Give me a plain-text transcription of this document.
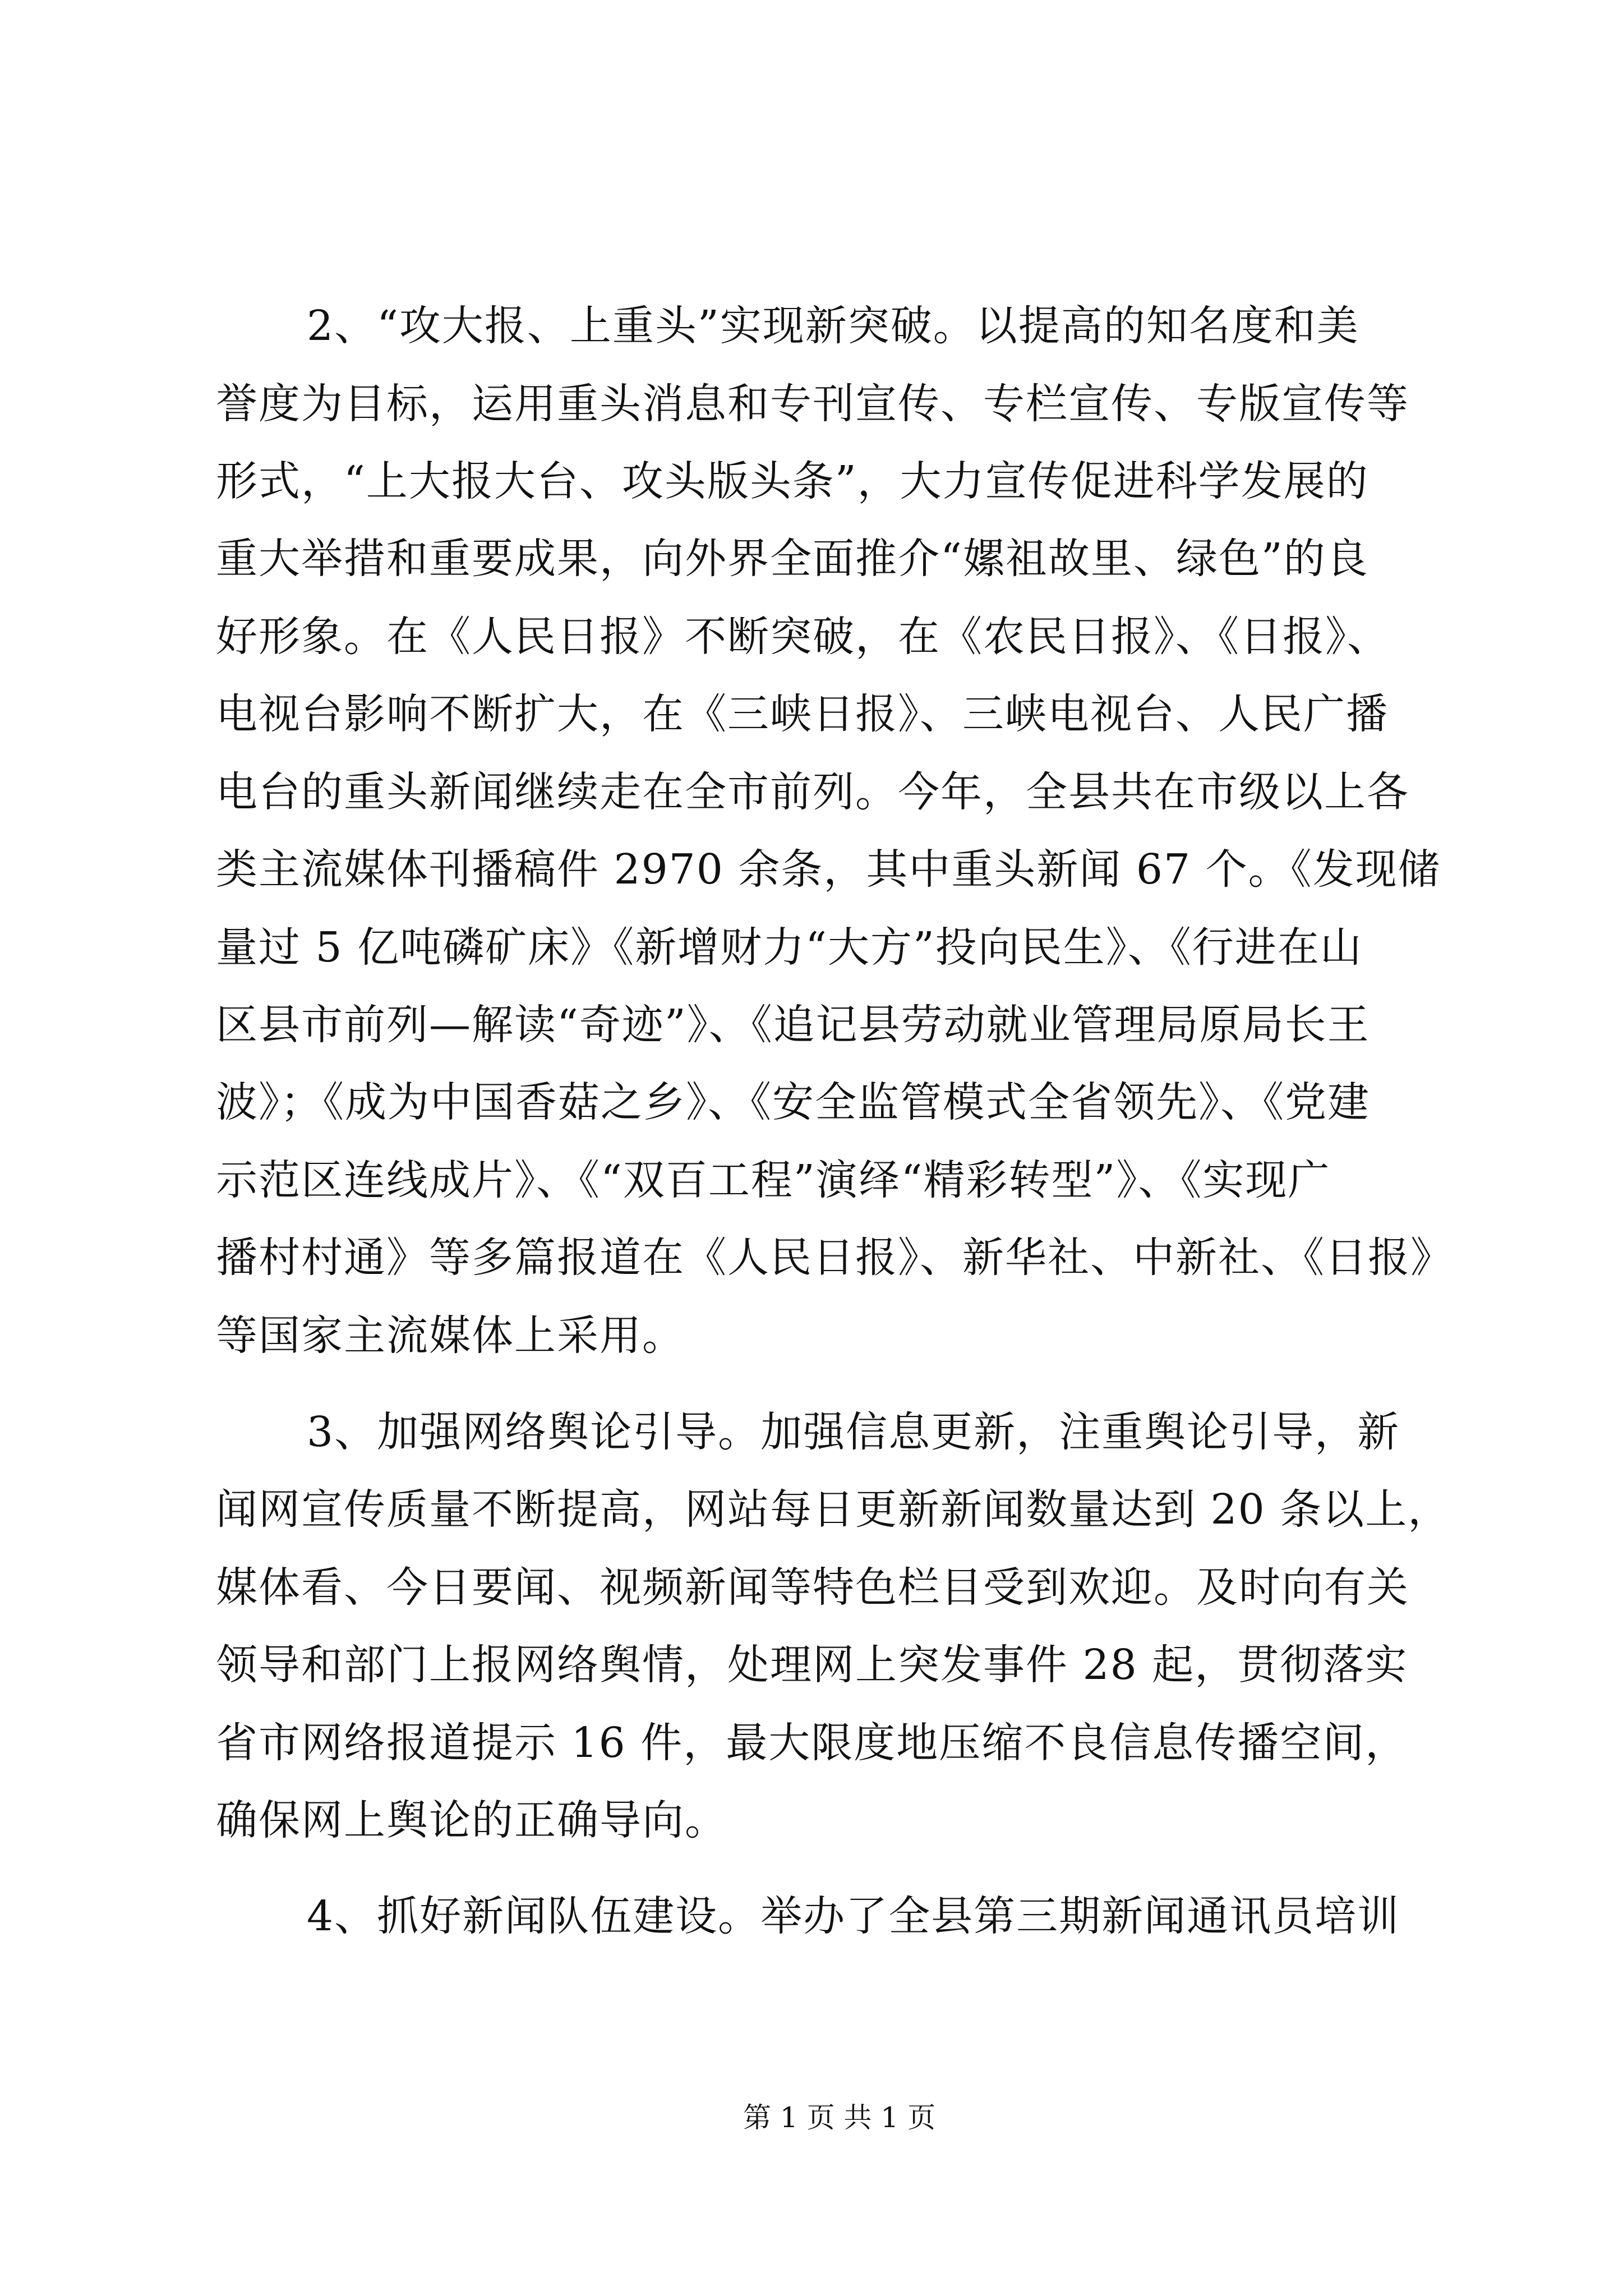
2、“攻大报、上重头”实现新突破。以提高的知名度和美
誉度为目标，运用重头消息和专刊宣传、专栏宣传、专版宣传等
形式，“上大报大台、攻头版头条”，大力宣传促进科学发展的
重大举措和重要成果，向外界全面推介“嫘祖故里、绿色”的良
好形象。在《人民日报》不断突破，在《农民日报》、《日报》、
电视台影响不断扩大，在《三峡日报》、三峡电视台、人民广播
电台的重头新闻继续走在全市前列。今年，全县共在市级以上各
类主流媒体刊播稿件 2970 余条，其中重头新闻 67 个。《发现储
量过 5 亿吨磷矿床》《新增财力“大方”投向民生》、《行进在山
区县市前列—解读“奇迹”》、《追记县劳动就业管理局原局长王
波》；《成为中国香菇之乡》、《安全监管模式全省领先》、《党建
示范区连线成片》、《“双百工程”演绎“精彩转型”》、《实现广
播村村通》等多篇报道在《人民日报》、新华社、中新社、《日报》
等国家主流媒体上采用。
3、加强网络舆论引导。加强信息更新，注重舆论引导，新
闻网宣传质量不断提高，网站每日更新新闻数量达到 20 条以上，
媒体看、今日要闻、视频新闻等特色栏目受到欢迎。及时向有关
领导和部门上报网络舆情，处理网上突发事件 28 起，贯彻落实
省市网络报道提示 16 件，最大限度地压缩不良信息传播空间，
确保网上舆论的正确导向。
4、抓好新闻队伍建设。举办了全县第三期新闻通讯员培训
第 1 页 共 1 页
